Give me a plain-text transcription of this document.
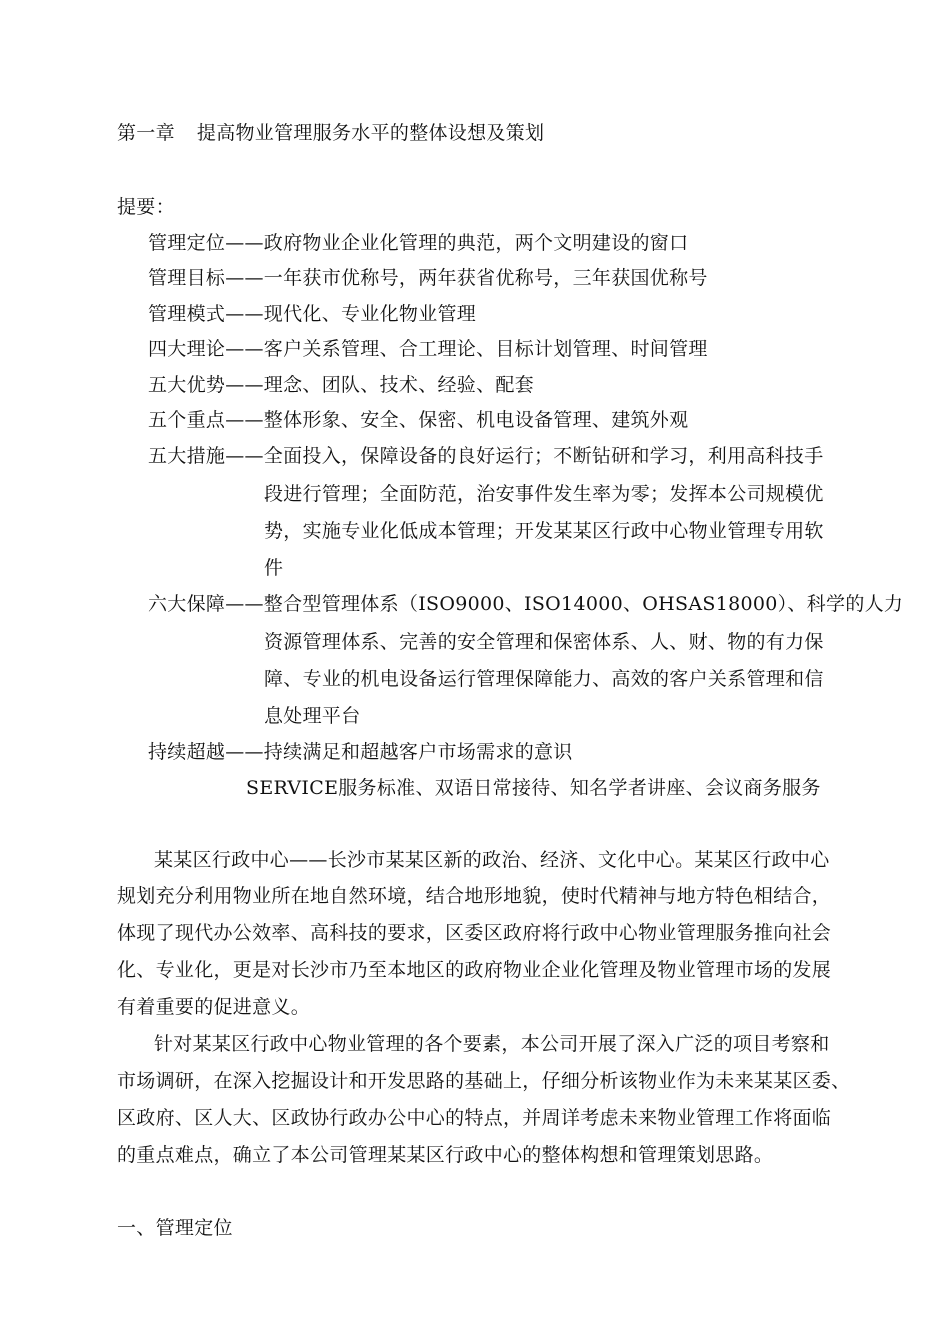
第一章 提高物业管理服务水平的整体设想及策划
提要：
管理定位——政府物业企业化管理的典范，两个文明建设的窗口
管理目标——一年获市优称号，两年获省优称号，三年获国优称号
管理模式——现代化、专业化物业管理
四大理论——客户关系管理、合工理论、目标计划管理、时间管理
五大优势——理念、团队、技术、经验、配套
五个重点——整体形象、安全、保密、机电设备管理、建筑外观
五大措施——全面投入，保障设备的良好运行；不断钻研和学习，利用高科技手
段进行管理；全面防范，治安事件发生率为零；发挥本公司规模优
势，实施专业化低成本管理；开发某某区行政中心物业管理专用软
件
六大保障——整合型管理体系（ISO9000、ISO14000、OHSAS18000）、科学的人力
资源管理体系、完善的安全管理和保密体系、人、财、物的有力保
障、专业的机电设备运行管理保障能力、高效的客户关系管理和信
息处理平台
持续超越——持续满足和超越客户市场需求的意识
SERVICE服务标准、双语日常接待、知名学者讲座、会议商务服务
某某区行政中心——长沙市某某区新的政治、经济、文化中心。某某区行政中心
规划充分利用物业所在地自然环境，结合地形地貌，使时代精神与地方特色相结合，
体现了现代办公效率、高科技的要求，区委区政府将行政中心物业管理服务推向社会
化、专业化，更是对长沙市乃至本地区的政府物业企业化管理及物业管理市场的发展
有着重要的促进意义。
针对某某区行政中心物业管理的各个要素，本公司开展了深入广泛的项目考察和
市场调研，在深入挖掘设计和开发思路的基础上，仔细分析该物业作为未来某某区委、
区政府、区人大、区政协行政办公中心的特点，并周详考虑未来物业管理工作将面临
的重点难点，确立了本公司管理某某区行政中心的整体构想和管理策划思路。
一、管理定位
